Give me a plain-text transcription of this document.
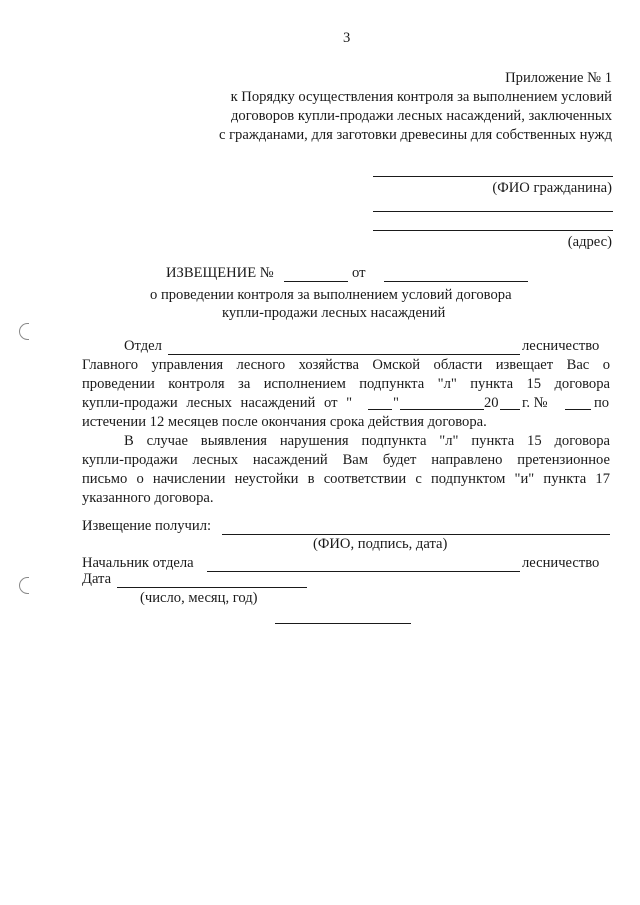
3
Приложение № 1
к Порядку осуществления контроля за выполнением условий
договоров купли-продажи лесных насаждений, заключенных
с гражданами, для заготовки древесины для собственных нужд
(ФИО гражданина)
(адрес)
ИЗВЕЩЕНИЕ №	от
о проведении контроля за выполнением условий договора
купли-продажи лесных насаждений
Отдел	лесничество
Главного управления лесного хозяйства Омской области извещает Вас о
проведении контроля за исполнением подпункта "л" пункта 15 договора
купли-продажи лесных насаждений от "	"	20 г. №	по
истечении 12 месяцев после окончания срока действия договора.
В случае выявления нарушения подпункта "л" пункта 15 договора
купли-продажи лесных насаждений Вам будет направлено претензионное
письмо о начислении неустойки в соответствии с подпунктом "и" пункта 17
указанного договора.
Извещение получил:
(ФИО, подпись, дата)
Начальник отдела	лесничество
Дата
(число, месяц, год)
